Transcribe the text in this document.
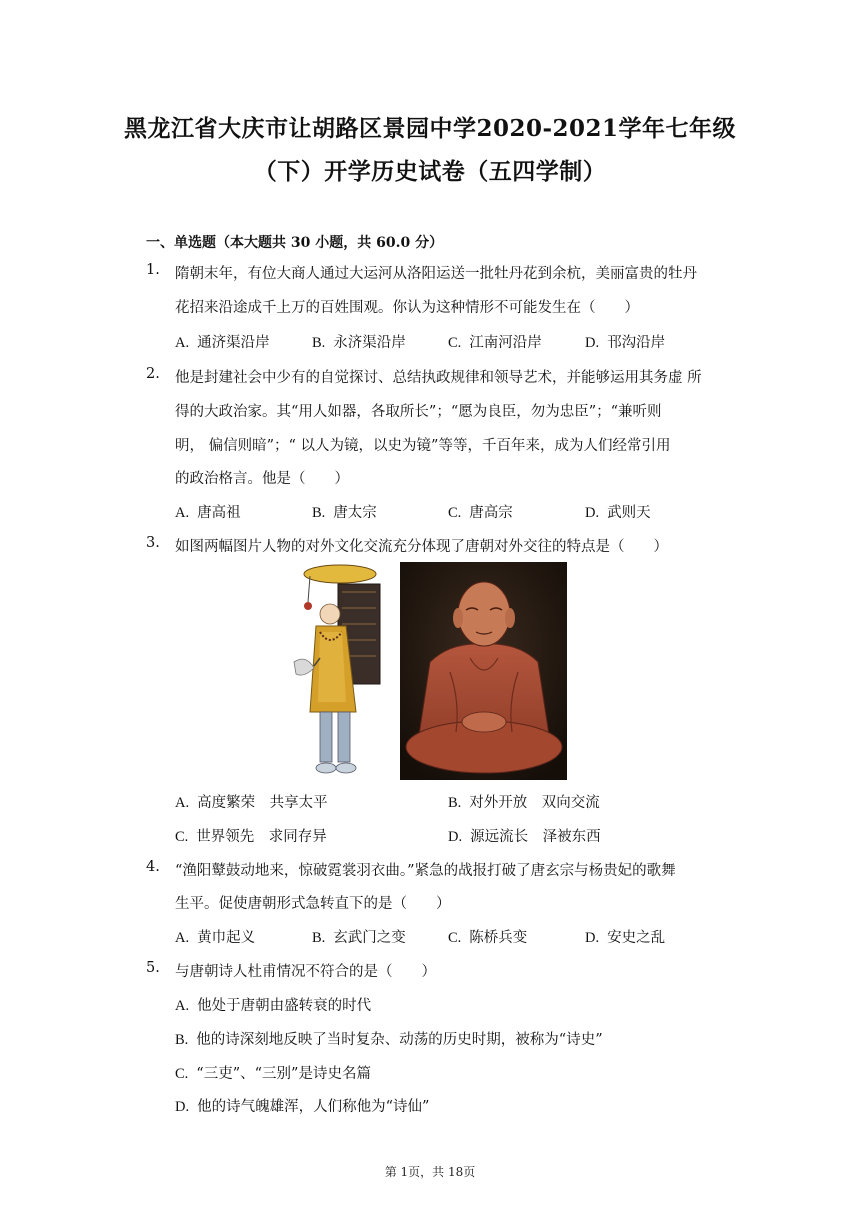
黑龙江省大庆市让胡路区景园中学2020-2021学年七年级
（下）开学历史试卷（五四学制）
一、单选题（本大题共 30 小题，共 60.0 分）
1. 隋朝末年，有位大商人通过大运河从洛阳运送一批牡丹花到余杭，美丽富贵的牡丹
花招来沿途成千上万的百姓围观。你认为这种情形不可能发生在（　　）
A. 通济渠沿岸	B. 永济渠沿岸	C. 江南河沿岸	D. 邗沟沿岸
2. 他是封建社会中少有的自觉探讨、总结执政规律和领导艺术，并能够运用其务虚 所
得的大政治家。其“用人如器，各取所长”；“愿为良臣，勿为忠臣”；“兼听则
明， 偏信则暗”；“ 以人为镜，以史为镜”等等，千百年来，成为人们经常引用
的政治格言。他是（　　）
A. 唐高祖	B. 唐太宗	C. 唐高宗	D. 武则天
3. 如图两幅图片人物的对外文化交流充分体现了唐朝对外交往的特点是（　　）
A. 高度繁荣　共享太平	B. 对外开放　双向交流
C. 世界领先　求同存异	D. 源远流长　泽被东西
4. “渔阳鼙鼓动地来，惊破霓裳羽衣曲。”紧急的战报打破了唐玄宗与杨贵妃的歌舞
生平。促使唐朝形式急转直下的是（　　）
A. 黄巾起义	B. 玄武门之变	C. 陈桥兵变	D. 安史之乱
5. 与唐朝诗人杜甫情况不符合的是（　　）
A. 他处于唐朝由盛转衰的时代
B. 他的诗深刻地反映了当时复杂、动荡的历史时期，被称为“诗史”
C. “三吏”、“三别”是诗史名篇
D. 他的诗气魄雄浑，人们称他为“诗仙”
第 1页，共 18页
